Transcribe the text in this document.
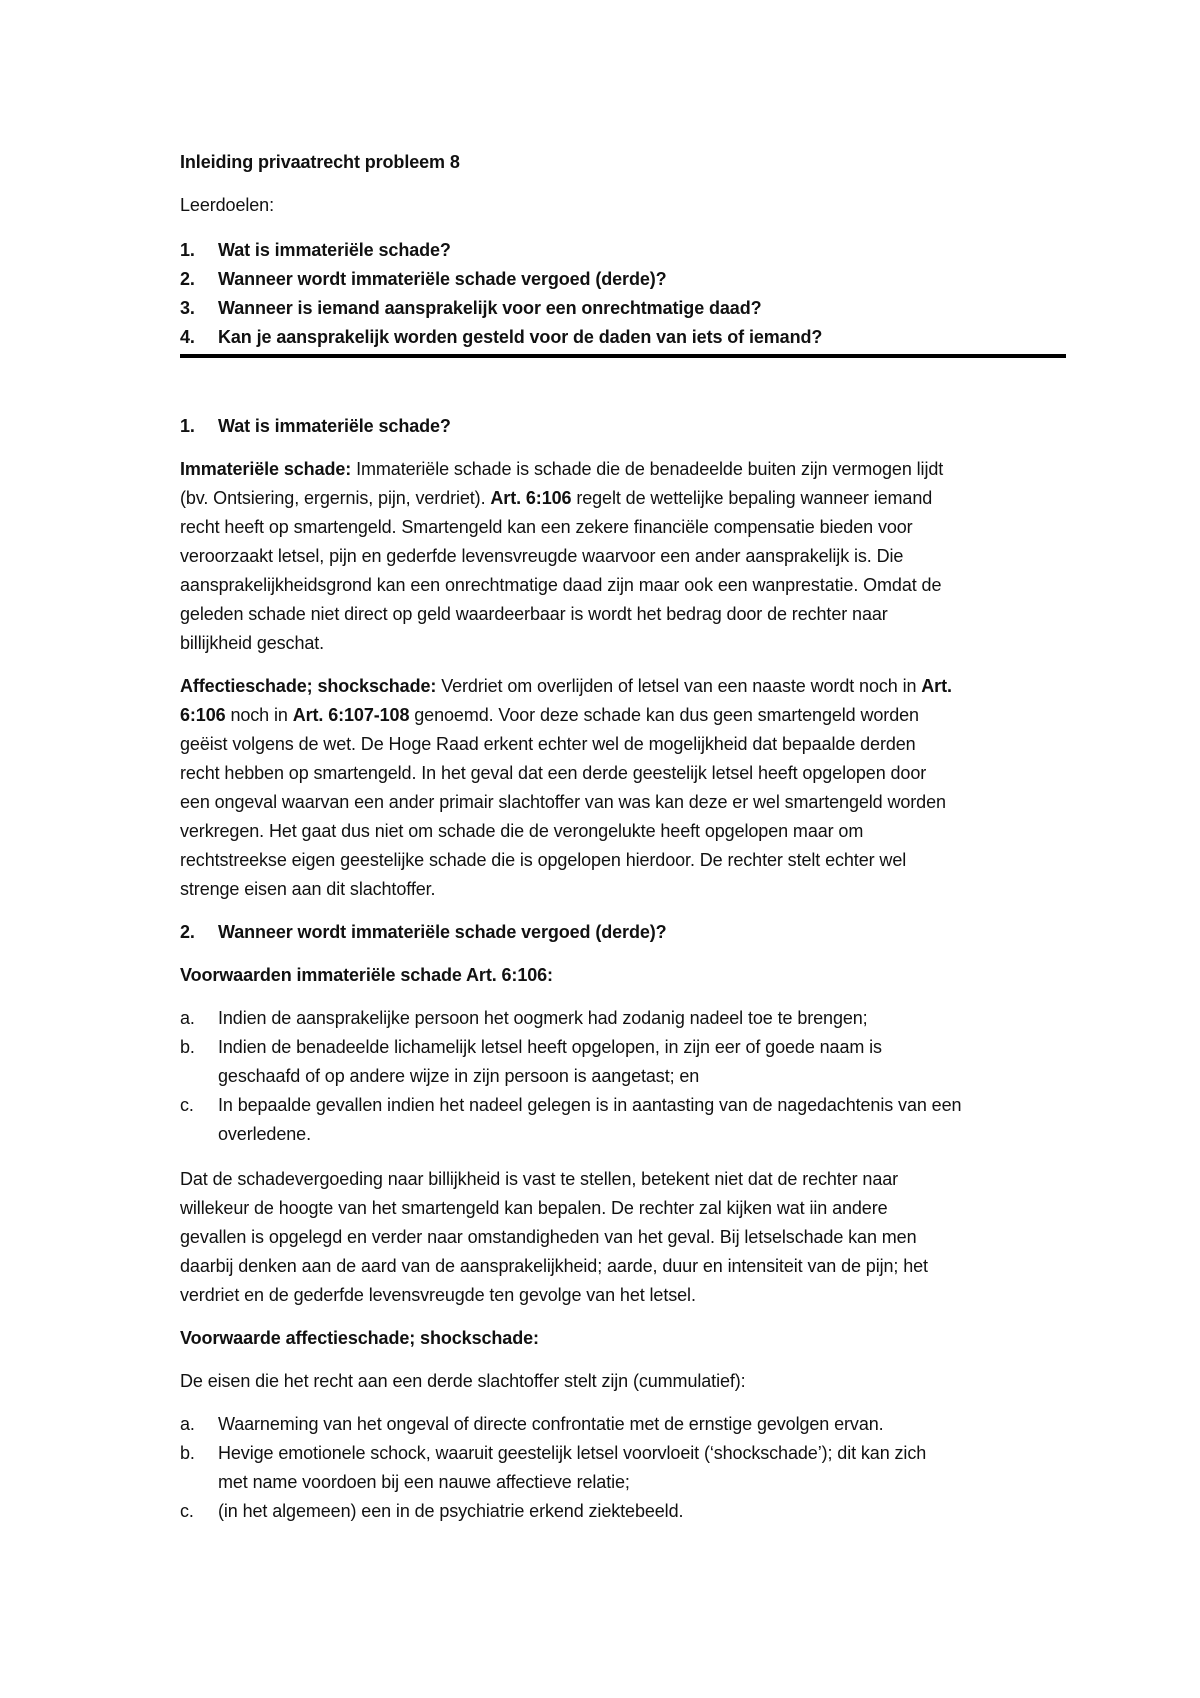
Inleiding privaatrecht probleem 8
Leerdoelen:
1. Wat is immateriële schade?
2. Wanneer wordt immateriële schade vergoed (derde)?
3. Wanneer is iemand aansprakelijk voor een onrechtmatige daad?
4. Kan je aansprakelijk worden gesteld voor de daden van iets of iemand?
1. Wat is immateriële schade?
Immateriële schade: Immateriële schade is schade die de benadeelde buiten zijn vermogen lijdt
(bv. Ontsiering, ergernis, pijn, verdriet). Art. 6:106 regelt de wettelijke bepaling wanneer iemand
recht heeft op smartengeld. Smartengeld kan een zekere financiële compensatie bieden voor
veroorzaakt letsel, pijn en gederfde levensvreugde waarvoor een ander aansprakelijk is. Die
aansprakelijkheidsgrond kan een onrechtmatige daad zijn maar ook een wanprestatie. Omdat de
geleden schade niet direct op geld waardeerbaar is wordt het bedrag door de rechter naar
billijkheid geschat.
Affectieschade; shockschade: Verdriet om overlijden of letsel van een naaste wordt noch in Art.
6:106 noch in Art. 6:107-108 genoemd. Voor deze schade kan dus geen smartengeld worden
geëist volgens de wet. De Hoge Raad erkent echter wel de mogelijkheid dat bepaalde derden
recht hebben op smartengeld. In het geval dat een derde geestelijk letsel heeft opgelopen door
een ongeval waarvan een ander primair slachtoffer van was kan deze er wel smartengeld worden
verkregen. Het gaat dus niet om schade die de verongelukte heeft opgelopen maar om
rechtstreekse eigen geestelijke schade die is opgelopen hierdoor. De rechter stelt echter wel
strenge eisen aan dit slachtoffer.
2. Wanneer wordt immateriële schade vergoed (derde)?
Voorwaarden immateriële schade Art. 6:106:
a. Indien de aansprakelijke persoon het oogmerk had zodanig nadeel toe te brengen;
b. Indien de benadeelde lichamelijk letsel heeft opgelopen, in zijn eer of goede naam is
geschaafd of op andere wijze in zijn persoon is aangetast; en
c. In bepaalde gevallen indien het nadeel gelegen is in aantasting van de nagedachtenis van een
overledene.
Dat de schadevergoeding naar billijkheid is vast te stellen, betekent niet dat de rechter naar
willekeur de hoogte van het smartengeld kan bepalen. De rechter zal kijken wat iin andere
gevallen is opgelegd en verder naar omstandigheden van het geval. Bij letselschade kan men
daarbij denken aan de aard van de aansprakelijkheid; aarde, duur en intensiteit van de pijn; het
verdriet en de gederfde levensvreugde ten gevolge van het letsel.
Voorwaarde affectieschade; shockschade:
De eisen die het recht aan een derde slachtoffer stelt zijn (cummulatief):
a. Waarneming van het ongeval of directe confrontatie met de ernstige gevolgen ervan.
b. Hevige emotionele schock, waaruit geestelijk letsel voorvloeit (‘shockschade’); dit kan zich
met name voordoen bij een nauwe affectieve relatie;
c. (in het algemeen) een in de psychiatrie erkend ziektebeeld.
